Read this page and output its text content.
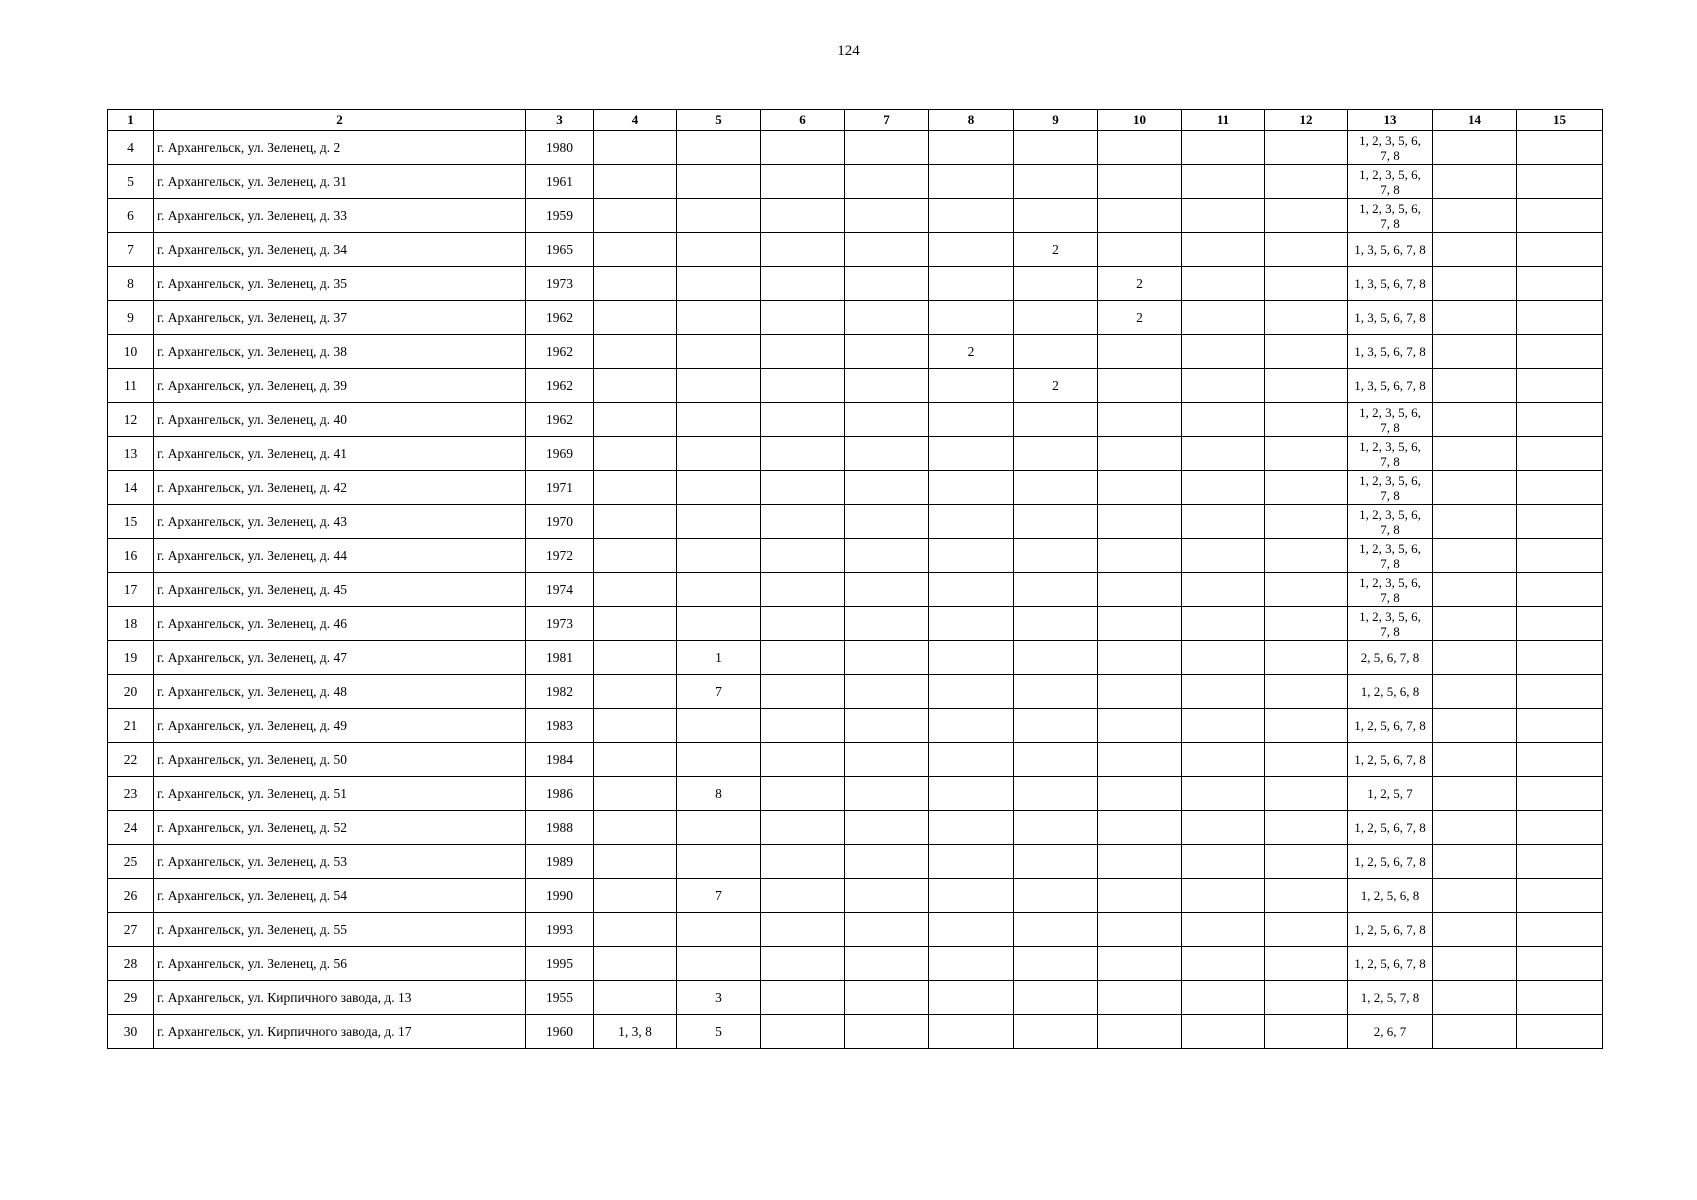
124
1	2	3	4	5	6	7	8	9	10	11	12	13	14	15
4	г. Архангельск, ул. Зеленец, д. 2	1980										1, 2, 3, 5, 6, 7, 8		
5	г. Архангельск, ул. Зеленец, д. 31	1961										1, 2, 3, 5, 6, 7, 8		
6	г. Архангельск, ул. Зеленец, д. 33	1959										1, 2, 3, 5, 6, 7, 8		
7	г. Архангельск, ул. Зеленец, д. 34	1965						2				1, 3, 5, 6, 7, 8		
8	г. Архангельск, ул. Зеленец, д. 35	1973							2			1, 3, 5, 6, 7, 8		
9	г. Архангельск, ул. Зеленец, д. 37	1962							2			1, 3, 5, 6, 7, 8		
10	г. Архангельск, ул. Зеленец, д. 38	1962					2					1, 3, 5, 6, 7, 8		
11	г. Архангельск, ул. Зеленец, д. 39	1962						2				1, 3, 5, 6, 7, 8		
12	г. Архангельск, ул. Зеленец, д. 40	1962										1, 2, 3, 5, 6, 7, 8		
13	г. Архангельск, ул. Зеленец, д. 41	1969										1, 2, 3, 5, 6, 7, 8		
14	г. Архангельск, ул. Зеленец, д. 42	1971										1, 2, 3, 5, 6, 7, 8		
15	г. Архангельск, ул. Зеленец, д. 43	1970										1, 2, 3, 5, 6, 7, 8		
16	г. Архангельск, ул. Зеленец, д. 44	1972										1, 2, 3, 5, 6, 7, 8		
17	г. Архангельск, ул. Зеленец, д. 45	1974										1, 2, 3, 5, 6, 7, 8		
18	г. Архангельск, ул. Зеленец, д. 46	1973										1, 2, 3, 5, 6, 7, 8		
19	г. Архангельск, ул. Зеленец, д. 47	1981		1								2, 5, 6, 7, 8		
20	г. Архангельск, ул. Зеленец, д. 48	1982		7								1, 2, 5, 6, 8		
21	г. Архангельск, ул. Зеленец, д. 49	1983										1, 2, 5, 6, 7, 8		
22	г. Архангельск, ул. Зеленец, д. 50	1984										1, 2, 5, 6, 7, 8		
23	г. Архангельск, ул. Зеленец, д. 51	1986		8								1, 2, 5, 7		
24	г. Архангельск, ул. Зеленец, д. 52	1988										1, 2, 5, 6, 7, 8		
25	г. Архангельск, ул. Зеленец, д. 53	1989										1, 2, 5, 6, 7, 8		
26	г. Архангельск, ул. Зеленец, д. 54	1990		7								1, 2, 5, 6, 8		
27	г. Архангельск, ул. Зеленец, д. 55	1993										1, 2, 5, 6, 7, 8		
28	г. Архангельск, ул. Зеленец, д. 56	1995										1, 2, 5, 6, 7, 8		
29	г. Архангельск, ул. Кирпичного завода, д. 13	1955		3								1, 2, 5, 7, 8		
30	г. Архангельск, ул. Кирпичного завода, д. 17	1960	1, 3, 8	5								2, 6, 7		
